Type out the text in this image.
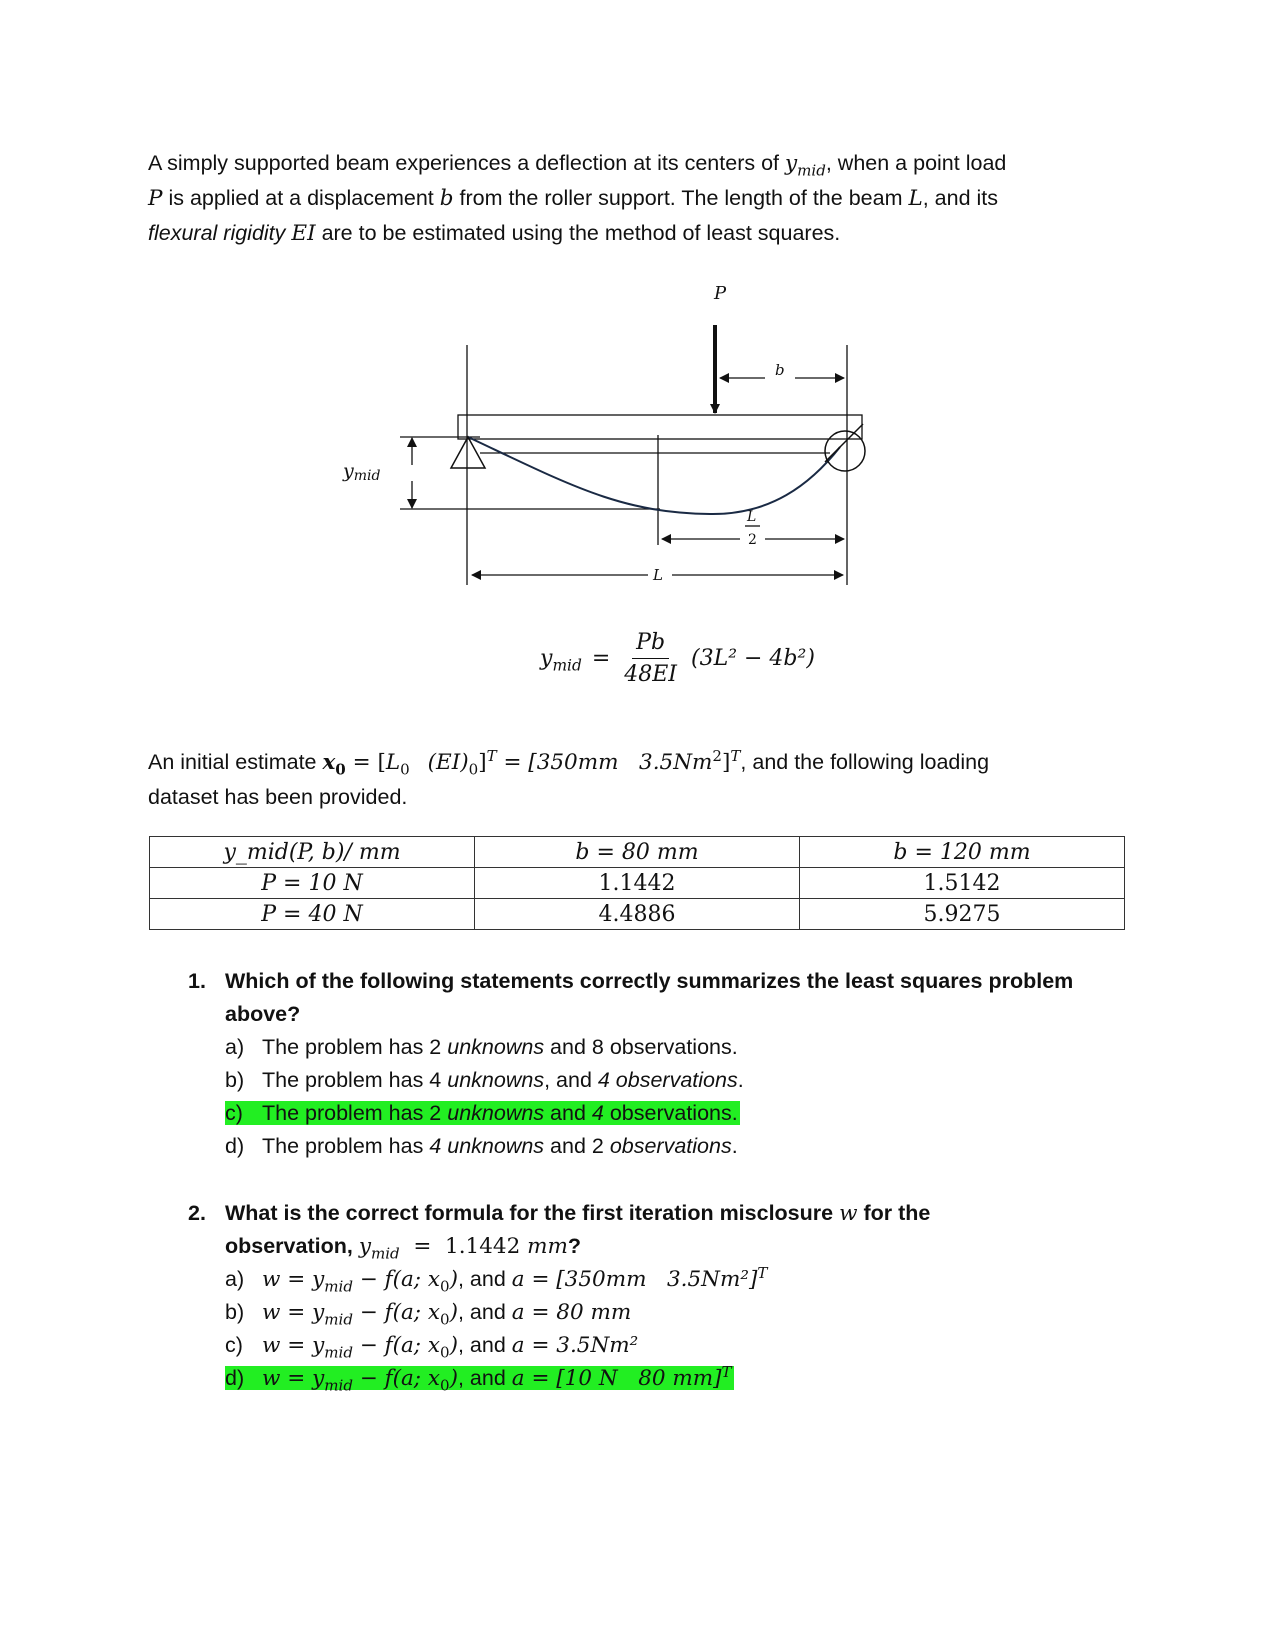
A simply supported beam experiences a deflection at its centers of $y_{mid}$, when a point load
P is applied at a displacement b from the roller support. The length of the beam L, and its
flexural rigidity EI are to be estimated using the method of least squares.
P
b
ymid
L
2
L
$y_{mid} = \frac{Pb}{48EI} (3L^2 - 4b^2)$
An initial estimate $x_0 = [L_0$ $(EI)_0]^T = [350mm$   3.5Nm$^2$]$^T$, and the following loading
dataset has been provided.
y_mid(P, b)/ mm	b = 80 mm	b = 120 mm
P = 10 N	1.1442	1.5142
P = 40 N	4.4886	5.9275
1. Which of the following statements correctly summarizes the least squares problem above?
a) The problem has 2 unknowns and 8 observations.
b) The problem has 4 unknowns, and 4 observations.
c) The problem has 2 unknowns and 4 observations.
d) The problem has 4 unknowns and 2 observations.
2. What is the correct formula for the first iteration misclosure w for the
observation, $y_{mid} = 1.1442$ mm?
a) $w = y_{mid} - f(a$; $x_0$), and a = [350mm   3.5Nm²]$^T$
b) $w = y_{mid} - f(a$; $x_0$), and a = 80 mm
c) $w = y_{mid} - f(a$; $x_0$), and a = 3.5Nm²
d) $w = y_{mid} - f(a$; $x_0$), and a = [10 N   80 mm]$^T$
